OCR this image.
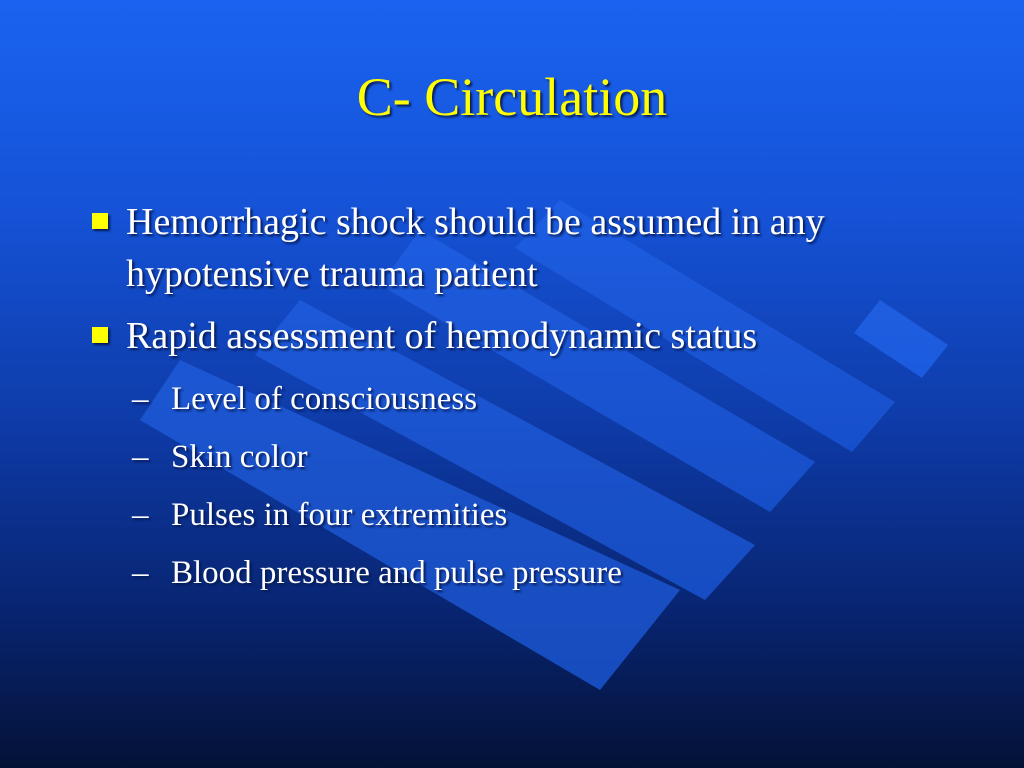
C- Circulation
Hemorrhagic shock should be assumed in any hypotensive trauma patient
Rapid assessment of hemodynamic status
– Level of consciousness
– Skin color
– Pulses in four extremities
– Blood pressure and pulse pressure
